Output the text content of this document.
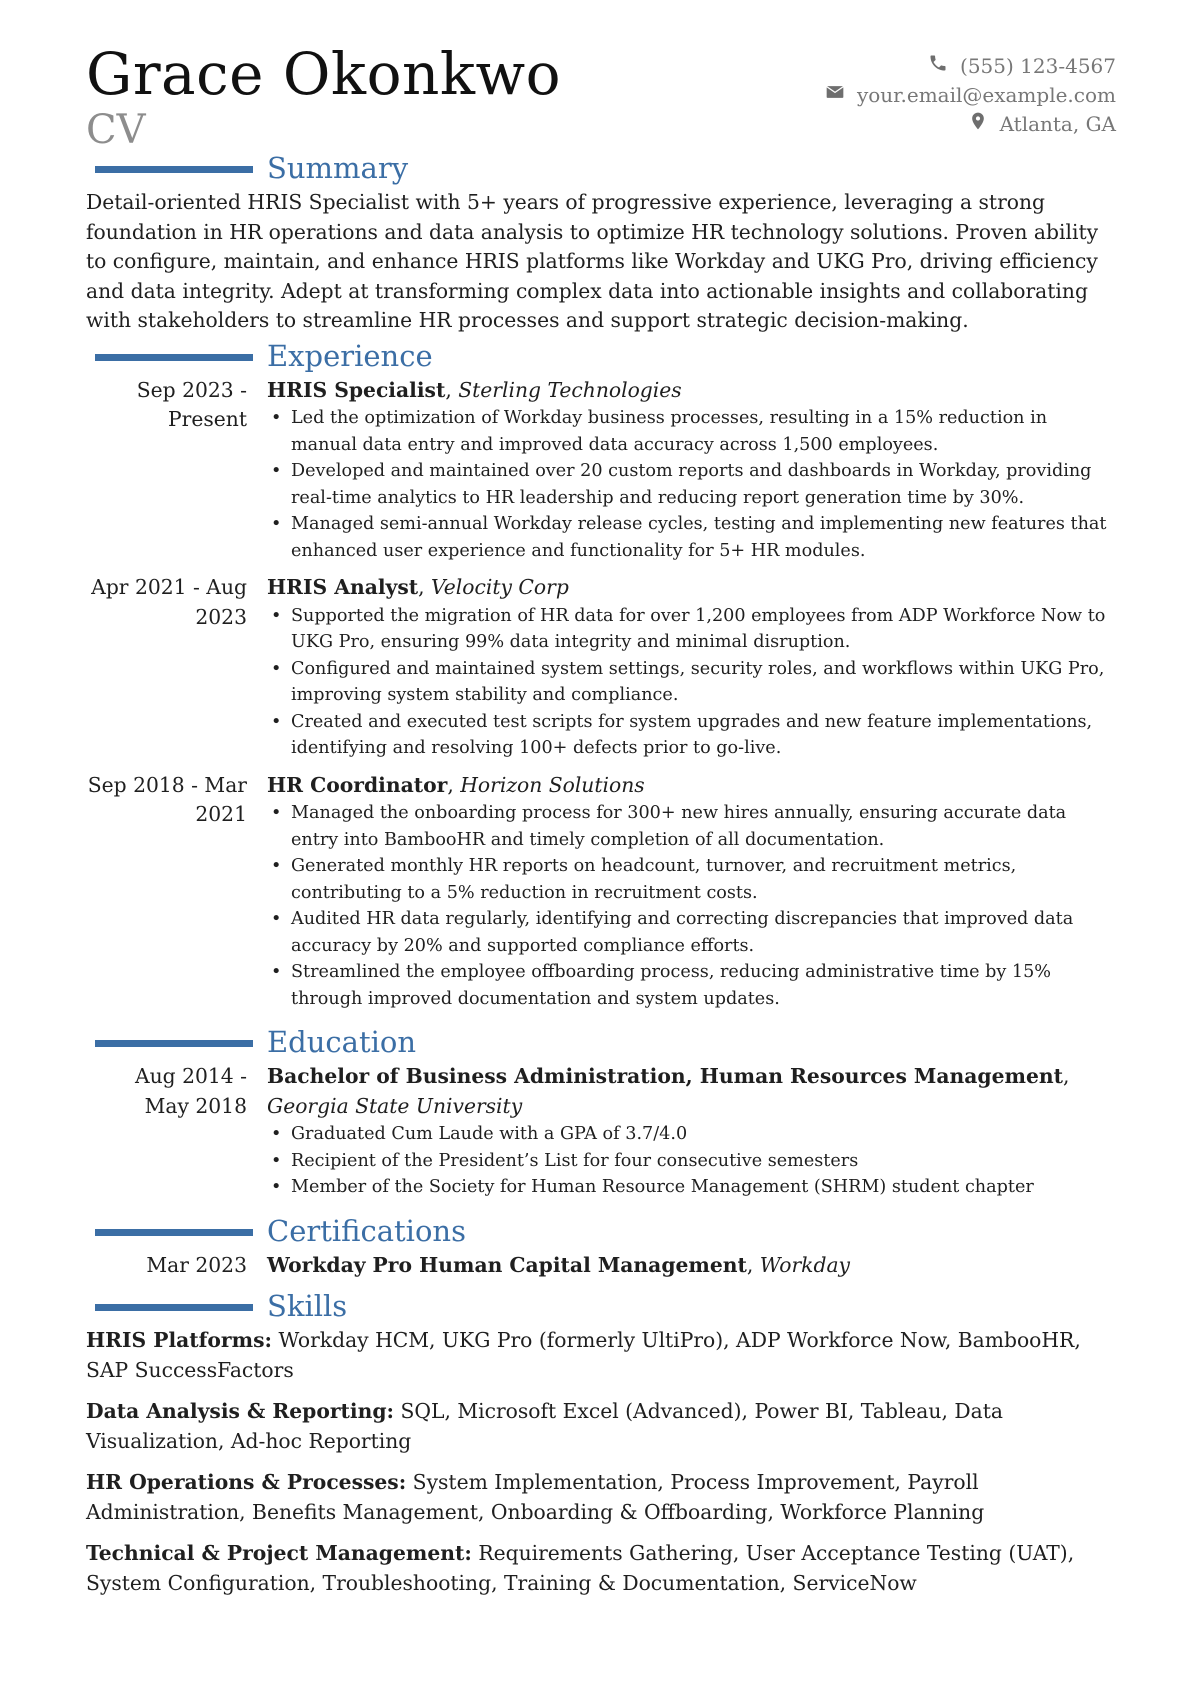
Grace Okonkwo
CV
(555) 123-4567
your.email@example.com
Atlanta, GA
Summary

Detail-oriented HRIS Specialist with 5+ years of progressive experience, leveraging a strong foundation in HR operations and data analysis to optimize HR technology solutions. Proven ability to configure, maintain, and enhance HRIS platforms like Workday and UKG Pro, driving efficiency and data integrity. Adept at transforming complex data into actionable insights and collaborating with stakeholders to streamline HR processes and support strategic decision-making.

Experience
Sep 2023 - Present
HRIS Specialist, Sterling Technologies
• Led the optimization of Workday business processes, resulting in a 15% reduction in manual data entry and improved data accuracy across 1,500 employees.
• Developed and maintained over 20 custom reports and dashboards in Workday, providing real-time analytics to HR leadership and reducing report generation time by 30%.
• Managed semi-annual Workday release cycles, testing and implementing new features that enhanced user experience and functionality for 5+ HR modules.
Apr 2021 - Aug 2023
HRIS Analyst, Velocity Corp
• Supported the migration of HR data for over 1,200 employees from ADP Workforce Now to UKG Pro, ensuring 99% data integrity and minimal disruption.
• Configured and maintained system settings, security roles, and workflows within UKG Pro, improving system stability and compliance.
• Created and executed test scripts for system upgrades and new feature implementations, identifying and resolving 100+ defects prior to go-live.
Sep 2018 - Mar 2021
HR Coordinator, Horizon Solutions
• Managed the onboarding process for 300+ new hires annually, ensuring accurate data entry into BambooHR and timely completion of all documentation.
• Generated monthly HR reports on headcount, turnover, and recruitment metrics, contributing to a 5% reduction in recruitment costs.
• Audited HR data regularly, identifying and correcting discrepancies that improved data accuracy by 20% and supported compliance efforts.
• Streamlined the employee offboarding process, reducing administrative time by 15% through improved documentation and system updates.
Education
Aug 2014 - May 2018
Bachelor of Business Administration, Human Resources Management, Georgia State University
• Graduated Cum Laude with a GPA of 3.7/4.0
• Recipient of the President’s List for four consecutive semesters
• Member of the Society for Human Resource Management (SHRM) student chapter
Certifications
Mar 2023 Workday Pro Human Capital Management, Workday
Skills
HRIS Platforms: Workday HCM, UKG Pro (formerly UltiPro), ADP Workforce Now, BambooHR, SAP SuccessFactors
Data Analysis & Reporting: SQL, Microsoft Excel (Advanced), Power BI, Tableau, Data Visualization, Ad-hoc Reporting
HR Operations & Processes: System Implementation, Process Improvement, Payroll Administration, Benefits Management, Onboarding & Offboarding, Workforce Planning
Technical & Project Management: Requirements Gathering, User Acceptance Testing (UAT), System Configuration, Troubleshooting, Training & Documentation, ServiceNow
